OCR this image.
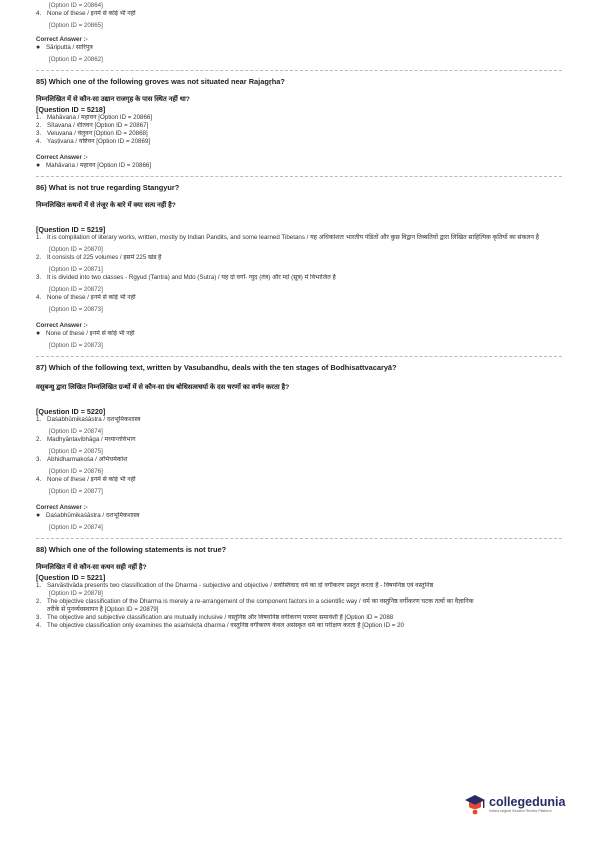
[Option ID = 20864]
4. None of these / इनमें से कोई भी नहीं
[Option ID = 20865]
Correct Answer :-
● Sāriputta / सारिपुत्र
[Option ID = 20862]
85) Which one of the following groves was not situated near Rajagṛha?
निम्नलिखित में से कौन-सा उद्यान राजगृह के पास स्थित नहीं था?
[Question ID = 5218]
1. Mahāvana / महावन [Option ID = 20866]
2. Sītavana / शीतवन [Option ID = 20867]
3. Veluvana / वेलुवन [Option ID = 20868]
4. Yaṣṭivana / यष्टिवन [Option ID = 20869]
Correct Answer :-
● Mahāvana / महावन [Option ID = 20866]
86) What is not true regarding Stangyur?
निम्नलिखित कथनों में से तंजूर के बारे में क्या सत्य नहीं है?
[Question ID = 5219]
1. It is compilation of literary works, written, mostly by Indian Pandits, and some learned Tibetans / यह अधिकांशतः भारतीय पंडितों और कुछ विद्वान तिब्बतियों द्वारा लिखित साहित्यिक कृतियों का संकलन है
[Option ID = 20870]
2. It consists of 225 volumes / इसमें 225 खंड हैं
[Option ID = 20871]
3. It is divided into two classes - Rgyud (Tantra) and Mdo (Sutra) / यह दो वर्गों- ग्युद (तंत्र) और म्दो (सूत्र) में विभाजित है
[Option ID = 20872]
4. None of these / इनमें से कोई भी नहीं
[Option ID = 20873]
Correct Answer :-
● None of these / इनमें से कोई भी नहीं
[Option ID = 20873]
87) Which of the following text, written by Vasubandhu, deals with the ten stages of Bodhisattvacaryā?
वसुबन्धु द्वारा लिखित निम्नलिखित ग्रन्थों में से कौन-सा ग्रंथ बोधिसत्वचर्या के दस चरणों का वर्णन करता है?
[Question ID = 5220]
1. Daśabhūmikaśāstra / दशभूमिकशास्त्र
[Option ID = 20874]
2. Madhyāntavibhāga / मध्यान्तविभाग
[Option ID = 20875]
3. Abhidharmakośa / अभिधर्मकोश
[Option ID = 20876]
4. None of these / इनमें से कोई भी नहीं
[Option ID = 20877]
Correct Answer :-
● Daśabhūmikaśāstra / दशभूमिकशास्त्र
[Option ID = 20874]
88) Which one of the following statements is not true?
निम्नलिखित में से कौन-सा कथन सही नहीं है?
[Question ID = 5221]
1. Sarvāstivāda presents two classification of the Dharma - subjective and objective / सर्वास्तिवाद धर्म का दो वर्गीकरण प्रस्तुत करता है - विषयनिष्ठ एवं वस्तुनिष्ठ
[Option ID = 20878]
2. The objective classification of the Dharma is merely a re-arrangement of the component factors in a scientific way / धर्म का वस्तुनिष्ठ वर्गीकरण घटक तत्वों का वैज्ञानिक तरीके से पुनर्व्यवस्थापन है [Option ID = 20879]
3. The objective and subjective classification are mutually inclusive / वस्तुनिष्ठ और विषयनिष्ठ वर्गीकरण परस्पर समावेशी हैं [Option ID = 2088
4. The objective classification only examines the asaṁskṛta dharma / वस्तुनिष्ठ वर्गीकरण केवल असंस्कृत धर्म का परीक्षण करता है [Option ID = 20
collegedunia
India's largest Student Review Platform
